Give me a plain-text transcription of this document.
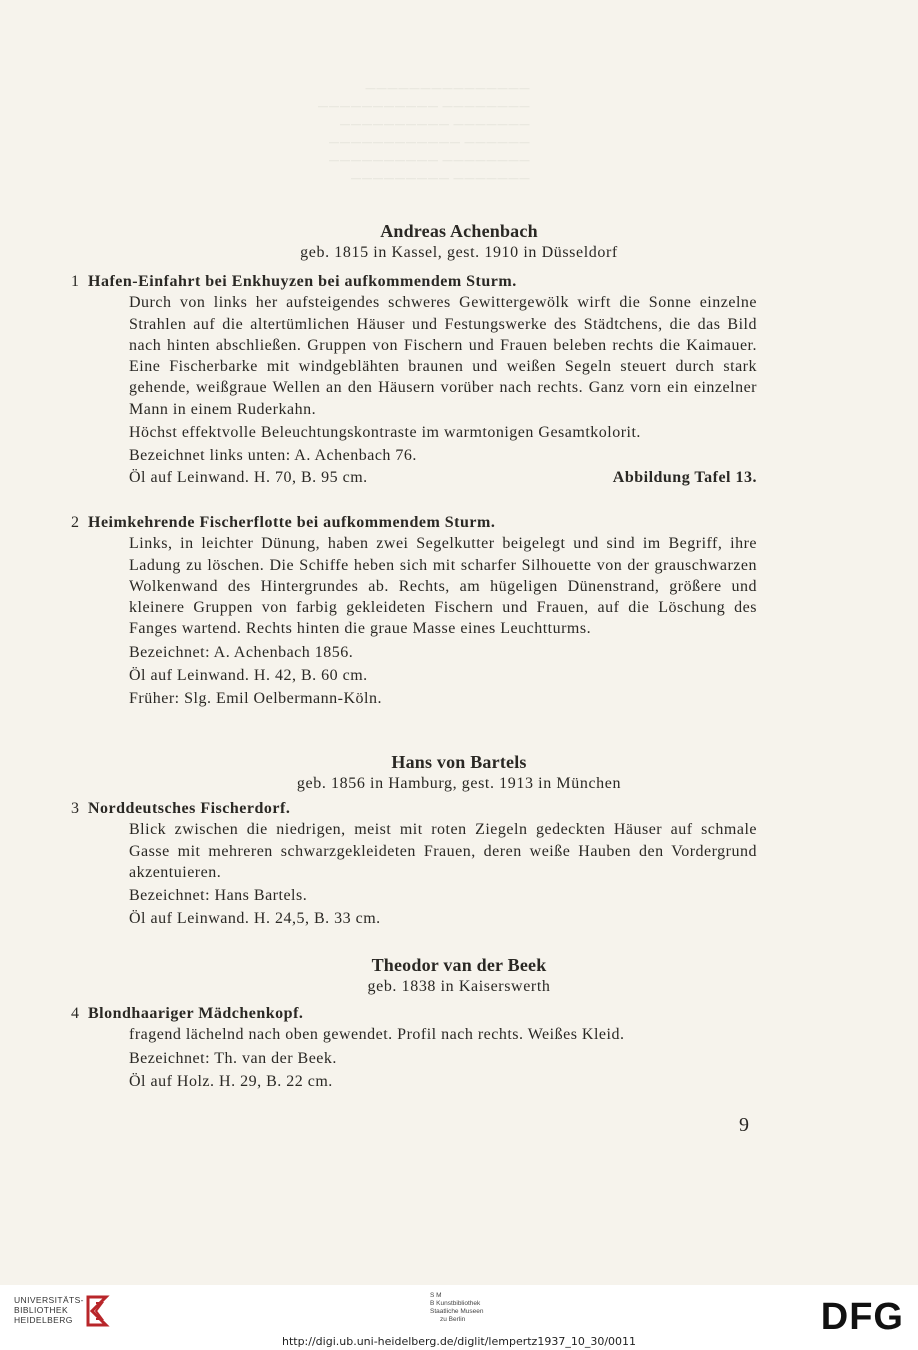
———————————————
———————— ———————————
——————— ——————————
—————— ————————————
———————— ——————————
——————— —————————
Andreas Achenbach
geb. 1815 in Kassel, gest. 1910 in Düsseldorf
1 Hafen-Einfahrt bei Enkhuyzen bei aufkommendem Sturm.

Durch von links her aufsteigendes schweres Gewittergewölk wirft die Sonne einzelne Strahlen auf die altertümlichen Häuser und Festungswerke des Städtchens, die das Bild nach hinten abschließen. Gruppen von Fischern und Frauen beleben rechts die Kaimauer. Eine Fischerbarke mit windgeblähten braunen und weißen Segeln steuert durch stark gehende, weißgraue Wellen an den Häusern vorüber nach rechts. Ganz vorn ein einzelner Mann in einem Ruderkahn.

Höchst effektvolle Beleuchtungskontraste im warmtonigen Gesamtkolorit.

Bezeichnet links unten: A. Achenbach 76.

Öl auf Leinwand. H. 70, B. 95 cm.	Abbildung Tafel 13.
2 Heimkehrende Fischerflotte bei aufkommendem Sturm.

Links, in leichter Dünung, haben zwei Segelkutter beigelegt und sind im Begriff, ihre Ladung zu löschen. Die Schiffe heben sich mit scharfer Silhouette von der grauschwarzen Wolkenwand des Hintergrundes ab. Rechts, am hügeligen Dünenstrand, größere und kleinere Gruppen von farbig gekleideten Fischern und Frauen, auf die Löschung des Fanges wartend. Rechts hinten die graue Masse eines Leuchtturms.

Bezeichnet: A. Achenbach 1856.

Öl auf Leinwand. H. 42, B. 60 cm.

Früher: Slg. Emil Oelbermann-Köln.

Hans von Bartels
geb. 1856 in Hamburg, gest. 1913 in München
3 Norddeutsches Fischerdorf.

Blick zwischen die niedrigen, meist mit roten Ziegeln gedeckten Häuser auf schmale Gasse mit mehreren schwarzgekleideten Frauen, deren weiße Hauben den Vordergrund akzentuieren.

Bezeichnet: Hans Bartels.

Öl auf Leinwand. H. 24,5, B. 33 cm.

Theodor van der Beek
geb. 1838 in Kaiserswerth
4 Blondhaariger Mädchenkopf.

fragend lächelnd nach oben gewendet. Profil nach rechts. Weißes Kleid.

Bezeichnet: Th. van der Beek.

Öl auf Holz. H. 29, B. 22 cm.

9
UNIVERSITÄTS-
BIBLIOTHEK
HEIDELBERG
S M
B Kunstbibliothek
Staatliche Museen
zu Berlin	DFG
http://digi.ub.uni-heidelberg.de/diglit/lempertz1937_10_30/0011
